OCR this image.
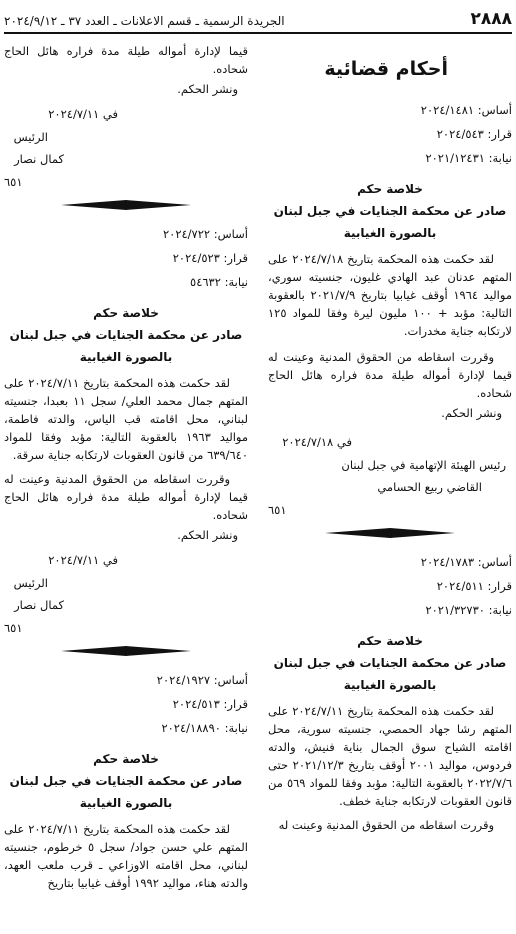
٢٨٨٨
الجريدة الرسمية ـ قسم الاعلانات ـ العدد ٣٧ ـ ٢٠٢٤/٩/١٢
أحكام قضائية
أساس: ٢٠٢٤/١٤٨١
قرار: ٢٠٢٤/٥٤٣
نيابة: ٢٠٢١/١٢٤٣١
خلاصة حكم
صادر عن محكمة الجنايات في جبل لبنان
بالصورة الغيابية

لقد حكمت هذه المحكمة بتاريخ ٢٠٢٤/٧/١٨ على المتهم عدنان عبد الهادي غليون، جنسيته سوري، مواليد ١٩٦٤ أوقف غيابيا بتاريخ ٢٠٢١/٧/٩ بالعقوبة التالية: مؤبد + ١٠٠ مليون ليرة وفقا للمواد ١٢٥ لارتكابه جناية مخدرات.

وقررت اسقاطه من الحقوق المدنية وعينت له قيما لإدارة أمواله طيلة مدة فراره هائل الحاج شحاده.

ونشر الحكم.
في ٢٠٢٤/٧/١٨
رئيس الهيئة الإتهامية في جبل لبنان
القاضي ربيع الحسامي
٦٥١
أساس: ٢٠٢٤/١٧٨٣
قرار: ٢٠٢٤/٥١١
نيابة: ٢٠٢١/٣٢٧٣٠
خلاصة حكم
صادر عن محكمة الجنايات في جبل لبنان
بالصورة الغيابية

لقد حكمت هذه المحكمة بتاريخ ٢٠٢٤/٧/١١ على المتهم رشا جهاد الحمصي، جنسيته سورية، محل اقامته الشياح سوق الجمال بناية فنيش، والدته فردوس، مواليد ٢٠٠١ أوقف بتاريخ ٢٠٢١/١٢/٣ حتى ٢٠٢٢/٧/٦ بالعقوبة التالية: مؤبد وفقا للمواد ٥٦٩ من قانون العقوبات لارتكابه جناية خطف.

وقررت اسقاطه من الحقوق المدنية وعينت له

قيما لإدارة أمواله طيلة مدة فراره هائل الحاج شحاده.

ونشر الحكم.
في ٢٠٢٤/٧/١١
الرئيس
كمال نصار
٦٥١
أساس: ٢٠٢٤/٧٢٢
قرار: ٢٠٢٤/٥٢٣
نيابة: ٥٤٦٣٢
خلاصة حكم
صادر عن محكمة الجنايات في جبل لبنان
بالصورة الغيابية

لقد حكمت هذه المحكمة بتاريخ ٢٠٢٤/٧/١١ على المتهم جمال محمد العلي/ سجل ١١ بعبدا، جنسيته لبناني، محل اقامته قب الياس، والدته فاطمة، مواليد ١٩٦٣ بالعقوبة التالية: مؤبد وفقا للمواد ٦٣٩/٦٤٠ من قانون العقوبات لارتكابه جناية سرقة.

وقررت اسقاطه من الحقوق المدنية وعينت له قيما لإدارة أمواله طيلة مدة فراره هائل الحاج شحاده.

ونشر الحكم.
في ٢٠٢٤/٧/١١
الرئيس
كمال نصار
٦٥١
أساس: ٢٠٢٤/١٩٢٧
قرار: ٢٠٢٤/٥١٣
نيابة: ٢٠٢٤/١٨٨٩٠
خلاصة حكم
صادر عن محكمة الجنايات في جبل لبنان
بالصورة الغيابية

لقد حكمت هذه المحكمة بتاريخ ٢٠٢٤/٧/١١ على المتهم علي حسن جواد/ سجل ٥ خرطوم، جنسيته لبناني، محل اقامته الاوزاعي ـ قرب ملعب العهد، والدته هناء، مواليد ١٩٩٢ أوقف غيابيا بتاريخ
